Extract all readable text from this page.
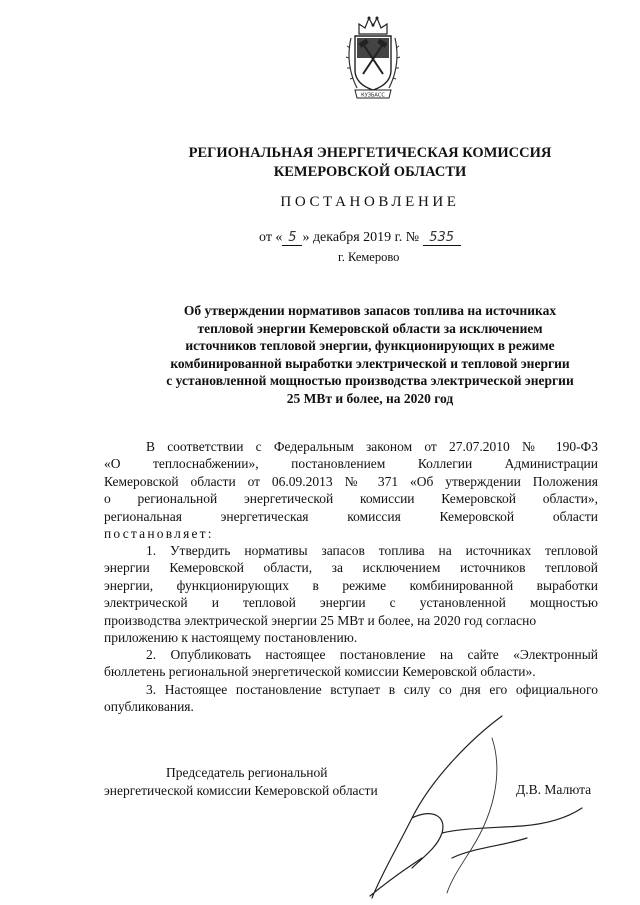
КУЗБАСС
РЕГИОНАЛЬНАЯ ЭНЕРГЕТИЧЕСКАЯ КОМИССИЯ
КЕМЕРОВСКОЙ ОБЛАСТИ
ПОСТАНОВЛЕНИЕ
от « 5 » декабря 2019 г. № 535
г. Кемерово
Об утверждении нормативов запасов топлива на источниках
тепловой энергии Кемеровской области за исключением
источников тепловой энергии, функционирующих в режиме
комбинированной выработки электрической и тепловой энергии
с установленной мощностью производства электрической энергии
25 МВт и более, на 2020 год
В соответствии с Федеральным законом от 27.07.2010 № 190-ФЗ
«О теплоснабжении», постановлением Коллегии Администрации
Кемеровской области от 06.09.2013 № 371 «Об утверждении Положения
о региональной энергетической комиссии Кемеровской области»,
региональная энергетическая комиссия Кемеровской области
постановляет:
1. Утвердить нормативы запасов топлива на источниках тепловой
энергии Кемеровской области, за исключением источников тепловой
энергии, функционирующих в режиме комбинированной выработки
электрической и тепловой энергии с установленной мощностью
производства электрической энергии 25 МВт и более, на 2020 год согласно
приложению к настоящему постановлению.
2. Опубликовать настоящее постановление на сайте «Электронный
бюллетень региональной энергетической комиссии Кемеровской области».
3. Настоящее постановление вступает в силу со дня его официального
опубликования.
Председатель региональной
энергетической комиссии Кемеровской области	Д.В. Малюта
